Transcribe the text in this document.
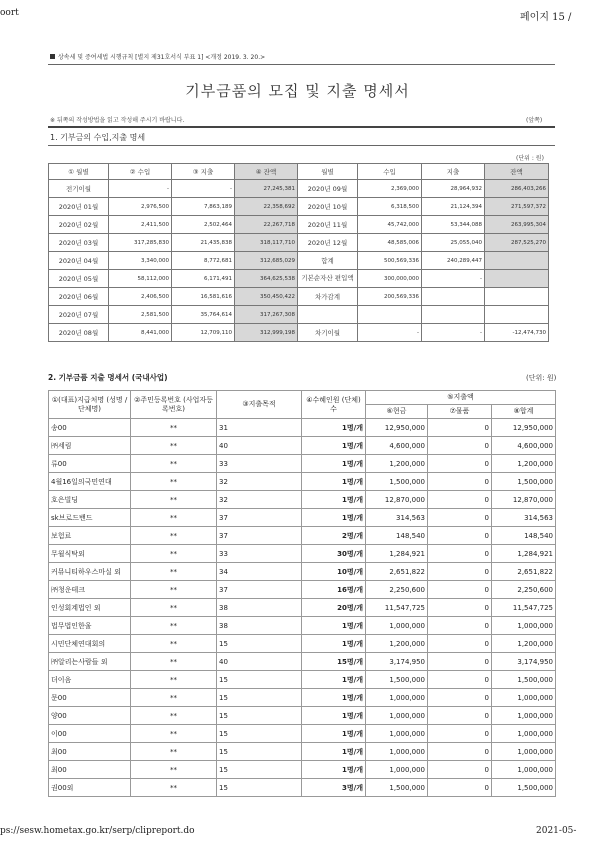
oort	페이지 15 /
상속세 및 증여세법 시행규칙 [별지 제31호서식 부표 1] <개정 2019. 3. 20.>
기부금품의 모집 및 지출 명세서
※ 뒤쪽의 작성방법을 읽고 작성해 주시기 바랍니다.	(앞쪽)
1. 기부금의 수입,지출 명세
(단위 : 원)
① 월별	② 수입	③ 지출	④ 잔액	월별	수입	지출	잔액
전기이월	-	-	27,245,381	2020년 09월	2,369,000	28,964,932	286,403,266
2020년 01월	2,976,500	7,863,189	22,358,692	2020년 10월	6,318,500	21,124,394	271,597,372
2020년 02월	2,411,500	2,502,464	22,267,718	2020년 11월	45,742,000	53,344,088	263,995,304
2020년 03월	317,285,830	21,435,838	318,117,710	2020년 12월	48,585,006	25,055,040	287,525,270
2020년 04월	3,340,000	8,772,681	312,685,029	합계	500,569,336	240,289,447	
2020년 05월	58,112,000	6,171,491	364,625,538	기본순자산 편입액	300,000,000	-	
2020년 06월	2,406,500	16,581,616	350,450,422	차가감계	200,569,336		
2020년 07월	2,581,500	35,764,614	317,267,308				
2020년 08월	8,441,000	12,709,110	312,999,198	차기이월	-	-	-12,474,730
2. 기부금품 지출 명세서 (국내사업)	(단위: 원)
①(대표)지급처명 (성명 / 단체명)	②주민등록번호 (사업자등록번호)	③지출목적	④수혜인원 (단체) 수	⑤지출액		
				⑥현금	⑦물품	⑧합계
송00	**	31	1명/개	12,950,000	0	12,950,000
㈜세림	**	40	1명/개	4,600,000	0	4,600,000
류00	**	33	1명/개	1,200,000	0	1,200,000
4월16일의국민연대	**	32	1명/개	1,500,000	0	1,500,000
호은빌딩	**	32	1명/개	12,870,000	0	12,870,000
sk브로드밴드	**	37	1명/개	314,563	0	314,563
보험료	**	37	2명/개	148,540	0	148,540
무월식탁외	**	33	30명/개	1,284,921	0	1,284,921
커뮤니티하우스마실 외	**	34	10명/개	2,651,822	0	2,651,822
㈜청운테크	**	37	16명/개	2,250,600	0	2,250,600
인성회계법인 외	**	38	20명/개	11,547,725	0	11,547,725
법무법인한울	**	38	1명/개	1,000,000	0	1,000,000
시민단체연대회의	**	15	1명/개	1,200,000	0	1,200,000
㈜알리는사람들 외	**	40	15명/개	3,174,950	0	3,174,950
더이음	**	15	1명/개	1,500,000	0	1,500,000
문00	**	15	1명/개	1,000,000	0	1,000,000
양00	**	15	1명/개	1,000,000	0	1,000,000
이00	**	15	1명/개	1,000,000	0	1,000,000
최00	**	15	1명/개	1,000,000	0	1,000,000
최00	**	15	1명/개	1,000,000	0	1,000,000
권00외	**	15	3명/개	1,500,000	0	1,500,000
ps://sesw.hometax.go.kr/serp/clipreport.do	2021-05-
